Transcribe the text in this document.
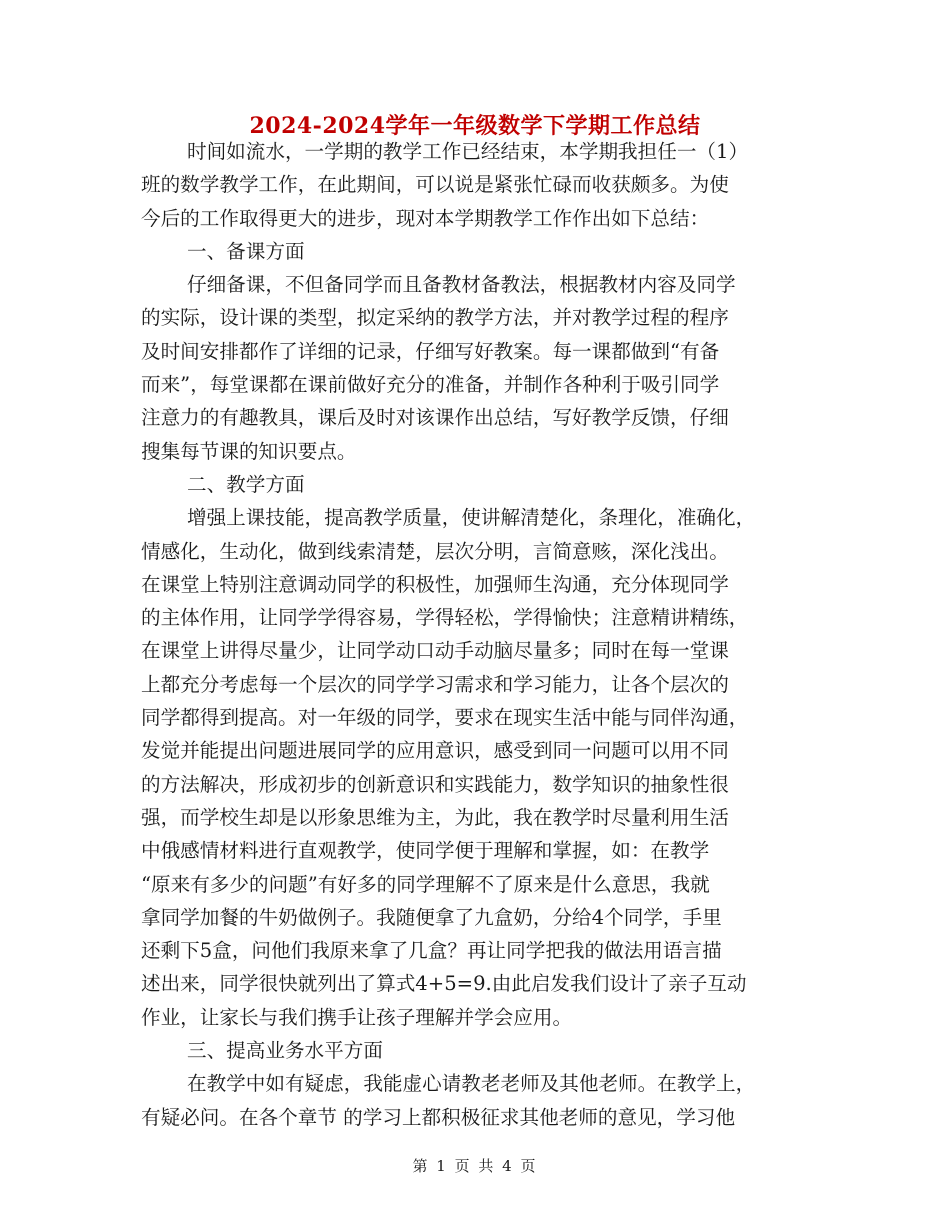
2024-2024学年一年级数学下学期工作总结
时间如流水，一学期的教学工作已经结束，本学期我担任一（1）
班的数学教学工作，在此期间，可以说是紧张忙碌而收获颇多。为使
今后的工作取得更大的进步，现对本学期教学工作作出如下总结：
一、备课方面
仔细备课，不但备同学而且备教材备教法，根据教材内容及同学
的实际，设计课的类型，拟定采纳的教学方法，并对教学过程的程序
及时间安排都作了详细的记录，仔细写好教案。每一课都做到“有备
而来”，每堂课都在课前做好充分的准备，并制作各种利于吸引同学
注意力的有趣教具，课后及时对该课作出总结，写好教学反馈，仔细
搜集每节课的知识要点。
二、教学方面
增强上课技能，提高教学质量，使讲解清楚化，条理化，准确化，
情感化，生动化，做到线索清楚，层次分明，言简意赅，深化浅出。
在课堂上特别注意调动同学的积极性，加强师生沟通，充分体现同学
的主体作用，让同学学得容易，学得轻松，学得愉快；注意精讲精练，
在课堂上讲得尽量少，让同学动口动手动脑尽量多；同时在每一堂课
上都充分考虑每一个层次的同学学习需求和学习能力，让各个层次的
同学都得到提高。对一年级的同学，要求在现实生活中能与同伴沟通，
发觉并能提出问题进展同学的应用意识，感受到同一问题可以用不同
的方法解决，形成初步的创新意识和实践能力，数学知识的抽象性很
强，而学校生却是以形象思维为主，为此，我在教学时尽量利用生活
中俄感情材料进行直观教学，使同学便于理解和掌握，如：在教学
“原来有多少的问题”有好多的同学理解不了原来是什么意思，我就
拿同学加餐的牛奶做例子。我随便拿了九盒奶，分给4个同学，手里
还剩下5盒，问他们我原来拿了几盒？再让同学把我的做法用语言描
述出来，同学很快就列出了算式4+5=9.由此启发我们设计了亲子互动
作业，让家长与我们携手让孩子理解并学会应用。
三、提高业务水平方面
在教学中如有疑虑，我能虚心请教老老师及其他老师。在教学上，
有疑必问。在各个章节 的学习上都积极征求其他老师的意见，学习他
第 1 页 共 4 页
